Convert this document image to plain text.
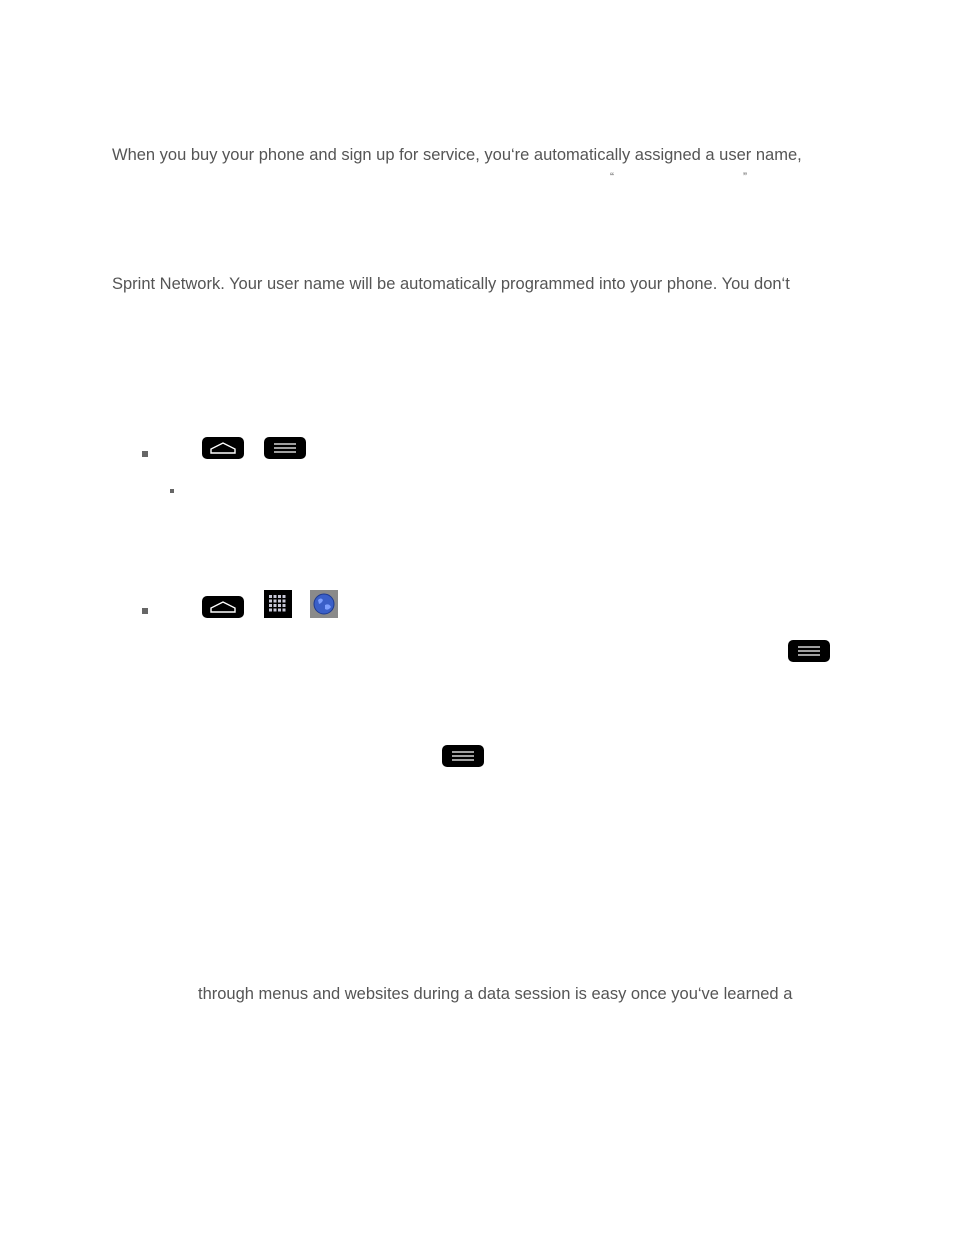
When you buy your phone and sign up for service, you‘re automatically assigned a user name,
“	”
Sprint Network. Your user name will be automatically programmed into your phone. You don‘t
through menus and websites during a data session is easy once you‘ve learned a
